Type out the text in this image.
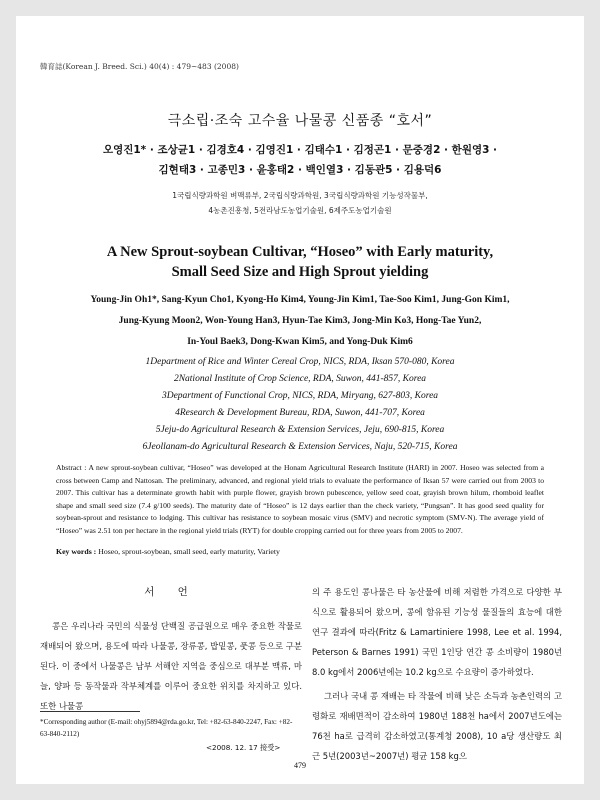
韓育誌(Korean J. Breed. Sci.) 40(4) : 479~483 (2008)
극소립·조숙 고수율 나물콩 신품종 “호서”
오영진1* · 조상균1 · 김경호4 · 김영진1 · 김태수1 · 김정곤1 · 문중경2 · 한원영3 ·
김현태3 · 고종민3 · 윤홍태2 · 백인열3 · 김동관5 · 김용덕6
1국립식량과학원 벼맥류부, 2국립식량과학원, 3국립식량과학원 기능성작물부,
4농촌진흥청, 5전라남도농업기술원, 6제주도농업기술원
A New Sprout-soybean Cultivar, “Hoseo” with Early maturity,
Small Seed Size and High Sprout yielding
Young-Jin Oh1*, Sang-Kyun Cho1, Kyong-Ho Kim4, Young-Jin Kim1, Tae-Soo Kim1, Jung-Gon Kim1,
Jung-Kyung Moon2, Won-Young Han3, Hyun-Tae Kim3, Jong-Min Ko3, Hong-Tae Yun2,
In-Youl Baek3, Dong-Kwan Kim5, and Yong-Duk Kim6
1Department of Rice and Winter Cereal Crop, NICS, RDA, Iksan 570-080, Korea
2National Institute of Crop Science, RDA, Suwon, 441-857, Korea
3Department of Functional Crop, NICS, RDA, Miryang, 627-803, Korea
4Research & Development Bureau, RDA, Suwon, 441-707, Korea
5Jeju-do Agricultural Research & Extension Services, Jeju, 690-815, Korea
6Jeollanam-do Agricultural Research & Extension Services, Naju, 520-715, Korea
Abstract : A new sprout-soybean cultivar, “Hoseo” was developed at the Honam Agricultural Research Institute (HARI) in 2007. Hoseo was selected from a cross between Camp and Nattosan. The preliminary, advanced, and regional yield trials to evaluate the performance of Iksan 57 were carried out from 2003 to 2007. This cultivar has a determinate growth habit with purple flower, grayish brown pubescence, yellow seed coat, grayish brown hilum, rhomboid leaflet shape and small seed size (7.4 g/100 seeds). The maturity date of “Hoseo” is 12 days earlier than the check variety, “Pungsan”. It has good seed quality for soybean-sprout and resistance to lodging. This cultivar has resistance to soybean mosaic virus (SMV) and necrotic symptom (SMV-N). The average yield of “Hoseo” was 2.51 ton per hectare in the regional yield trials (RYT) for double cropping carried out for three years from 2005 to 2007.
Key words : Hoseo, sprout-soybean, small seed, early maturity, Variety
서 언

콩은 우리나라 국민의 식물성 단백질 공급원으로 매우 중요한 작물로 재배되어 왔으며, 용도에 따라 나물콩, 장류콩, 밥밑콩, 풋콩 등으로 구분된다. 이 중에서 나물콩은 남부 서해안 지역을 중심으로 대부분 맥류, 마늘, 양파 등 동작물과 작부체계를 이루어 중요한 위치를 차지하고 있다. 또한 나물콩

의 주 용도인 콩나물은 타 농산물에 비해 저렴한 가격으로 다양한 부식으로 활용되어 왔으며, 콩에 함유된 기능성 물질들의 효능에 대한 연구 결과에 따라(Fritz & Lamartiniere 1998, Lee et al. 1994, Peterson & Barnes 1991) 국민 1인당 연간 콩 소비량이 1980년 8.0 kg에서 2006년에는 10.2 kg으로 수요량이 증가하였다.

그러나 국내 콩 재배는 타 작물에 비해 낮은 소득과 농촌인력의 고령화로 재배면적이 감소하여 1980년 188천 ha에서 2007년도에는 76천 ha로 급격히 감소하였고(통계청 2008), 10 a당 생산량도 최근 5년(2003년~2007년) 평균 158 kg으

*Corresponding author (E-mail: ohyj5894@rda.go.kr, Tel: +82-63-840-2247, Fax: +82-63-840-2112)
<2008. 12. 17 接受>
479
